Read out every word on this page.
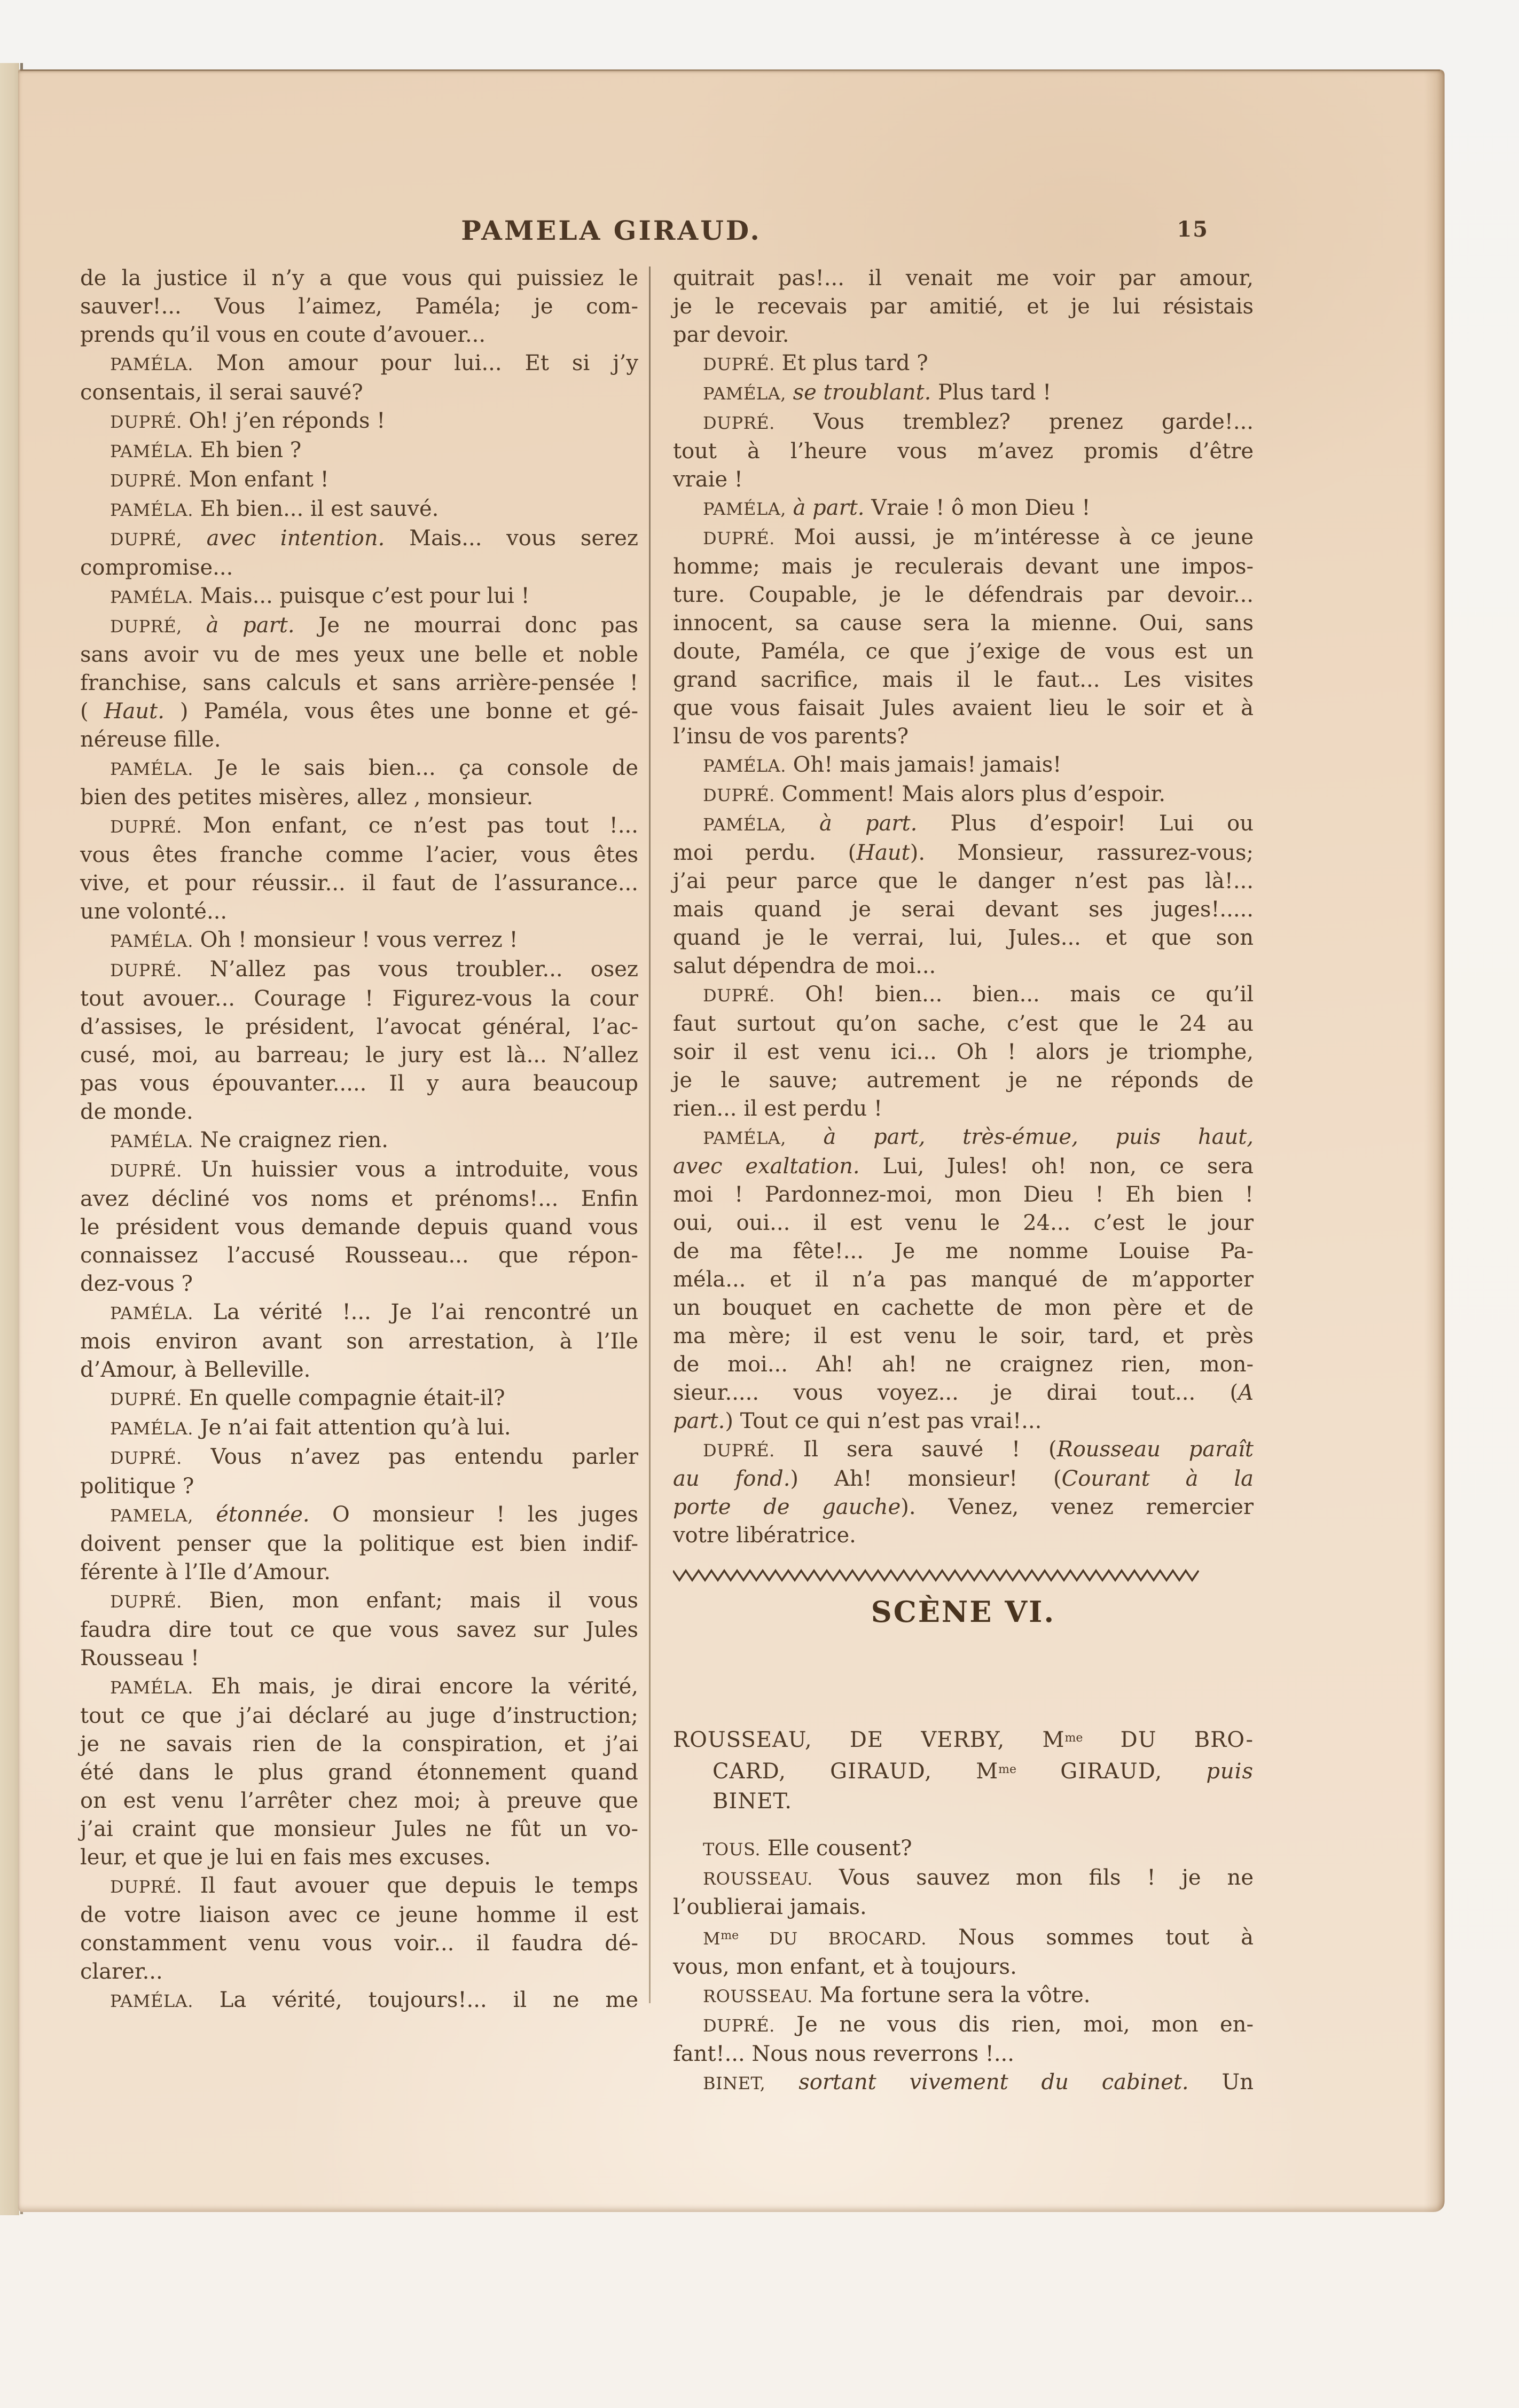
PAMELA GIRAUD.	15
de la justice il n’y a que vous qui puissiez le
sauver!... Vous l’aimez, Paméla; je com-
prends qu’il vous en coute d’avouer...
PAMÉLA. Mon amour pour lui... Et si j’y
consentais, il serai sauvé?
DUPRÉ. Oh! j’en réponds !
PAMÉLA. Eh bien ?
DUPRÉ. Mon enfant !
PAMÉLA. Eh bien... il est sauvé.
DUPRÉ, avec intention. Mais... vous serez
compromise...
PAMÉLA. Mais... puisque c’est pour lui !
DUPRÉ, à part. Je ne mourrai donc pas
sans avoir vu de mes yeux une belle et noble
franchise, sans calculs et sans arrière-pensée !
( Haut. ) Paméla, vous êtes une bonne et gé-
néreuse fille.
PAMÉLA. Je le sais bien... ça console de
bien des petites misères, allez , monsieur.
DUPRÉ. Mon enfant, ce n’est pas tout !...
vous êtes franche comme l’acier, vous êtes
vive, et pour réussir... il faut de l’assurance...
une volonté...
PAMÉLA. Oh ! monsieur ! vous verrez !
DUPRÉ. N’allez pas vous troubler... osez
tout avouer... Courage ! Figurez-vous la cour
d’assises, le président, l’avocat général, l’ac-
cusé, moi, au barreau; le jury est là... N’allez
pas vous épouvanter..... Il y aura beaucoup
de monde.
PAMÉLA. Ne craignez rien.
DUPRÉ. Un huissier vous a introduite, vous
avez décliné vos noms et prénoms!... Enfin
le président vous demande depuis quand vous
connaissez l’accusé Rousseau... que répon-
dez-vous ?
PAMÉLA. La vérité !... Je l’ai rencontré un
mois environ avant son arrestation, à l’Ile
d’Amour, à Belleville.
DUPRÉ. En quelle compagnie était-il?
PAMÉLA. Je n’ai fait attention qu’à lui.
DUPRÉ. Vous n’avez pas entendu parler
politique ?
PAMELA, étonnée. O monsieur ! les juges
doivent penser que la politique est bien indif-
férente à l’Ile d’Amour.
DUPRÉ. Bien, mon enfant; mais il vous
faudra dire tout ce que vous savez sur Jules
Rousseau !
PAMÉLA. Eh mais, je dirai encore la vérité,
tout ce que j’ai déclaré au juge d’instruction;
je ne savais rien de la conspiration, et j’ai
été dans le plus grand étonnement quand
on est venu l’arrêter chez moi; à preuve que
j’ai craint que monsieur Jules ne fût un vo-
leur, et que je lui en fais mes excuses.
DUPRÉ. Il faut avouer que depuis le temps
de votre liaison avec ce jeune homme il est
constamment venu vous voir... il faudra dé-
clarer...
PAMÉLA. La vérité, toujours!... il ne me
quitrait pas!... il venait me voir par amour,
je le recevais par amitié, et je lui résistais
par devoir.
DUPRÉ. Et plus tard ?
PAMÉLA, se troublant. Plus tard !
DUPRÉ. Vous tremblez? prenez garde!...
tout à l’heure vous m’avez promis d’être
vraie !
PAMÉLA, à part. Vraie ! ô mon Dieu !
DUPRÉ. Moi aussi, je m’intéresse à ce jeune
homme; mais je reculerais devant une impos-
ture. Coupable, je le défendrais par devoir...
innocent, sa cause sera la mienne. Oui, sans
doute, Paméla, ce que j’exige de vous est un
grand sacrifice, mais il le faut... Les visites
que vous faisait Jules avaient lieu le soir et à
l’insu de vos parents?
PAMÉLA. Oh! mais jamais! jamais!
DUPRÉ. Comment! Mais alors plus d’espoir.
PAMÉLA, à part. Plus d’espoir! Lui ou
moi perdu. (Haut). Monsieur, rassurez-vous;
j’ai peur parce que le danger n’est pas là!...
mais quand je serai devant ses juges!.....
quand je le verrai, lui, Jules... et que son
salut dépendra de moi...
DUPRÉ. Oh! bien... bien... mais ce qu’il
faut surtout qu’on sache, c’est que le 24 au
soir il est venu ici... Oh ! alors je triomphe,
je le sauve; autrement je ne réponds de
rien... il est perdu !
PAMÉLA, à part, très-émue, puis haut,
avec exaltation. Lui, Jules! oh! non, ce sera
moi ! Pardonnez-moi, mon Dieu ! Eh bien !
oui, oui... il est venu le 24... c’est le jour
de ma fête!... Je me nomme Louise Pa-
méla... et il n’a pas manqué de m’apporter
un bouquet en cachette de mon père et de
ma mère; il est venu le soir, tard, et près
de moi... Ah! ah! ne craignez rien, mon-
sieur..... vous voyez... je dirai tout... (A
part.) Tout ce qui n’est pas vrai!...
DUPRÉ. Il sera sauvé ! (Rousseau paraît
au fond.) Ah! monsieur! (Courant à la
porte de gauche). Venez, venez remercier
votre libératrice.
SCÈNE VI.
ROUSSEAU, DE VERBY, $M^{me}$ DU BRO-
CARD, GIRAUD, $M^{me}$ GIRAUD, puis
BINET.
TOUS. Elle cousent?
ROUSSEAU. Vous sauvez mon fils ! je ne
l’oublierai jamais.
$M^{me}$ DU BROCARD. Nous sommes tout à
vous, mon enfant, et à toujours.
ROUSSEAU. Ma fortune sera la vôtre.
DUPRÉ. Je ne vous dis rien, moi, mon en-
fant!... Nous nous reverrons !...
BINET, sortant vivement du cabinet. Un
